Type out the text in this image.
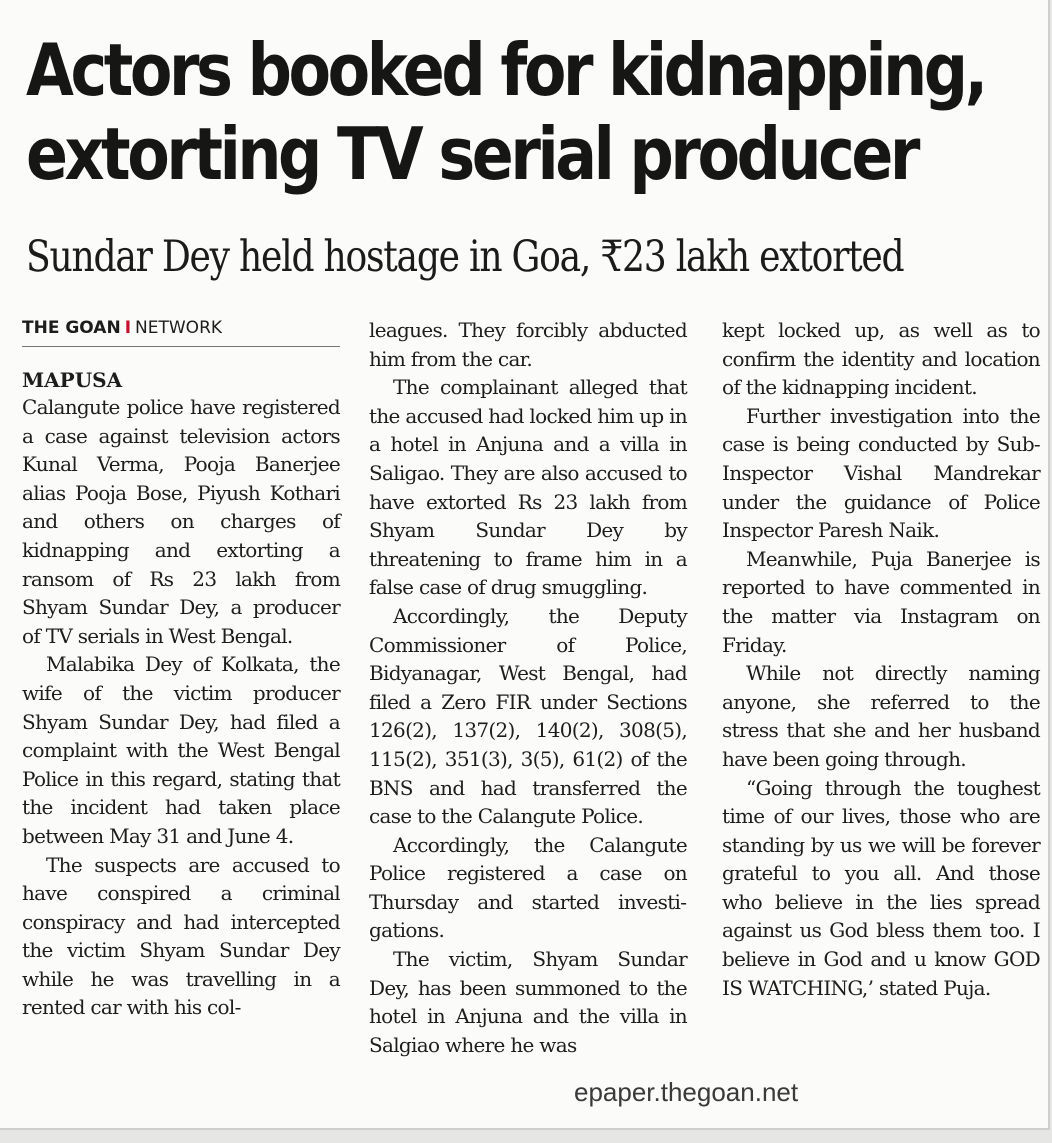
Actors booked for kidnapping,
extorting TV serial producer
Sundar Dey held hostage in Goa, ₹23 lakh extorted
THE GOAN I NETWORK
MAPUSA

Calangute police have registered a case against television actors Kunal Verma, Pooja Banerjee alias Pooja Bose, Piyush Kothari and others on charges of kidnapping and extorting a ransom of Rs 23 lakh from Shyam Sundar Dey, a producer of TV serials in West Bengal.

Malabika Dey of Kolkata, the wife of the victim producer Shyam Sundar Dey, had filed a complaint with the West Bengal Police in this regard, stating that the incident had taken place between May 31 and June 4.

The suspects are accused to have conspired a criminal conspiracy and had intercepted the victim Shyam Sundar Dey while he was travelling in a rented car with his col-

leagues. They forcibly abducted him from the car.

The complainant alleged that the accused had locked him up in a hotel in Anjuna and a villa in Saligao. They are also accused to have extorted Rs 23 lakh from Shyam Sundar Dey by threatening to frame him in a false case of drug smuggling.

Accordingly, the Deputy Commissioner of Police, Bidyanagar, West Bengal, had filed a Zero FIR under Sections 126(2), 137(2), 140(2), 308(5), 115(2), 351(3), 3(5), 61(2) of the BNS and had transferred the case to the Calangute Police.

Accordingly, the Calangute Police registered a case on Thursday and started investigations.

The victim, Shyam Sundar Dey, has been summoned to the hotel in Anjuna and the villa in Salgiao where he was

kept locked up, as well as to confirm the identity and location of the kidnapping incident.

Further investigation into the case is being conducted by Sub-Inspector Vishal Mandrekar under the guidance of Police Inspector Paresh Naik.

Meanwhile, Puja Banerjee is reported to have commented in the matter via Instagram on Friday.

While not directly naming anyone, she referred to the stress that she and her husband have been going through.

“Going through the toughest time of our lives, those who are standing by us we will be forever grateful to you all. And those who believe in the lies spread against us God bless them too. I believe in God and u know GOD IS WATCHING,’ stated Puja.

epaper.thegoan.net
